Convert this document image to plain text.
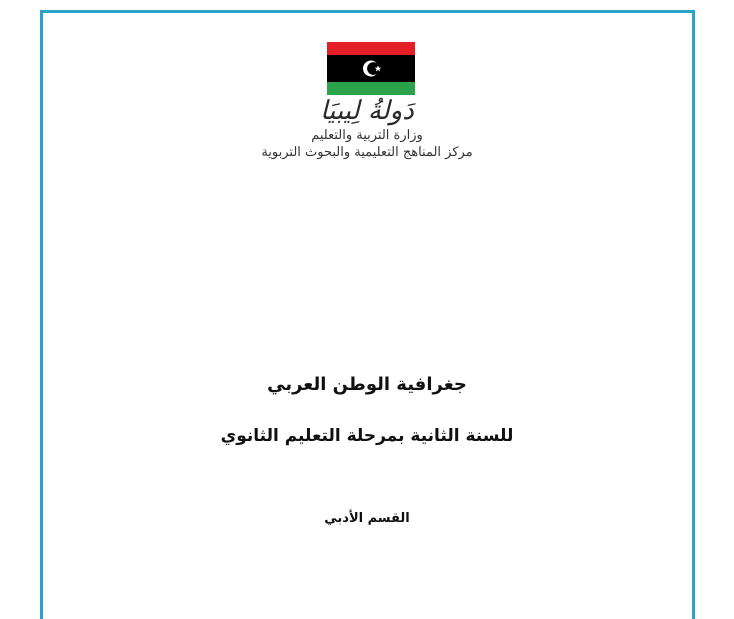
دَولةُ لِيبيَا
وزارة التربية والتعليم
مركز المناهج التعليمية والبحوث التربوية
جغرافية الوطن العربي
للسنة الثانية بمرحلة التعليم الثانوي
القسم الأدبي
